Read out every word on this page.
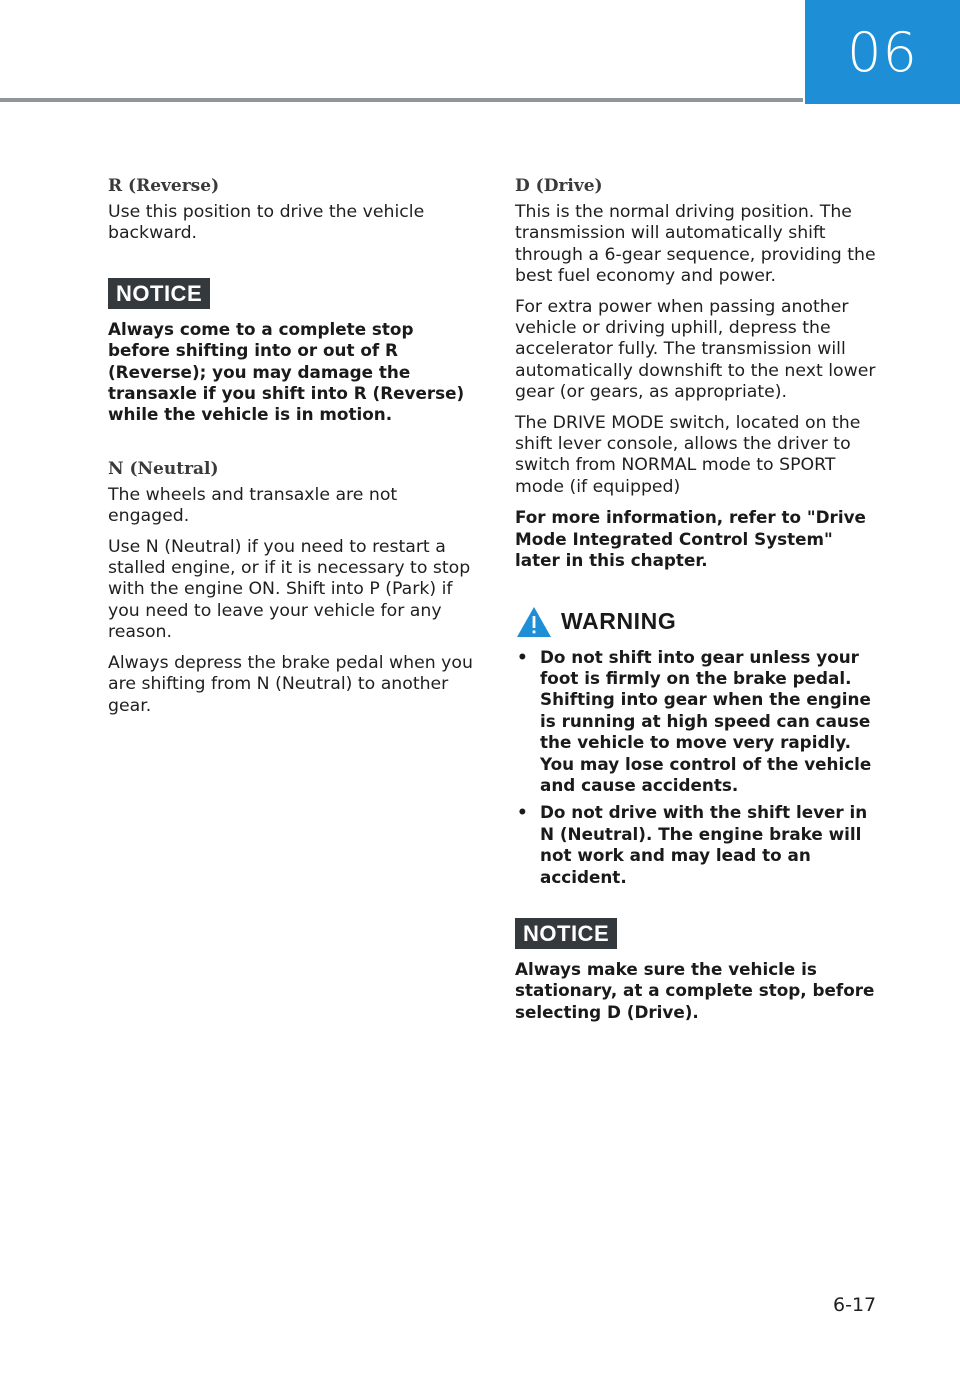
06
R (Reverse)

Use this position to drive the vehicle backward.

NOTICE

Always come to a complete stop before shifting into or out of R (Reverse); you may damage the transaxle if you shift into R (Reverse) while the vehicle is in motion.

N (Neutral)

The wheels and transaxle are not engaged.

Use N (Neutral) if you need to restart a stalled engine, or if it is necessary to stop with the engine ON. Shift into P (Park) if you need to leave your vehicle for any reason.

Always depress the brake pedal when you are shifting from N (Neutral) to another gear.

D (Drive)

This is the normal driving position. The transmission will automatically shift through a 6-gear sequence, providing the best fuel economy and power.

For extra power when passing another vehicle or driving uphill, depress the accelerator fully. The transmission will automatically downshift to the next lower gear (or gears, as appropriate).

The DRIVE MODE switch, located on the shift lever console, allows the driver to switch from NORMAL mode to SPORT mode (if equipped)

For more information, refer to "Drive Mode Integrated Control System" later in this chapter.

WARNING
• Do not shift into gear unless your foot is firmly on the brake pedal. Shifting into gear when the engine is running at high speed can cause the vehicle to move very rapidly. You may lose control of the vehicle and cause accidents.
• Do not drive with the shift lever in N (Neutral). The engine brake will not work and may lead to an accident.
NOTICE

Always make sure the vehicle is stationary, at a complete stop, before selecting D (Drive).

6-17
